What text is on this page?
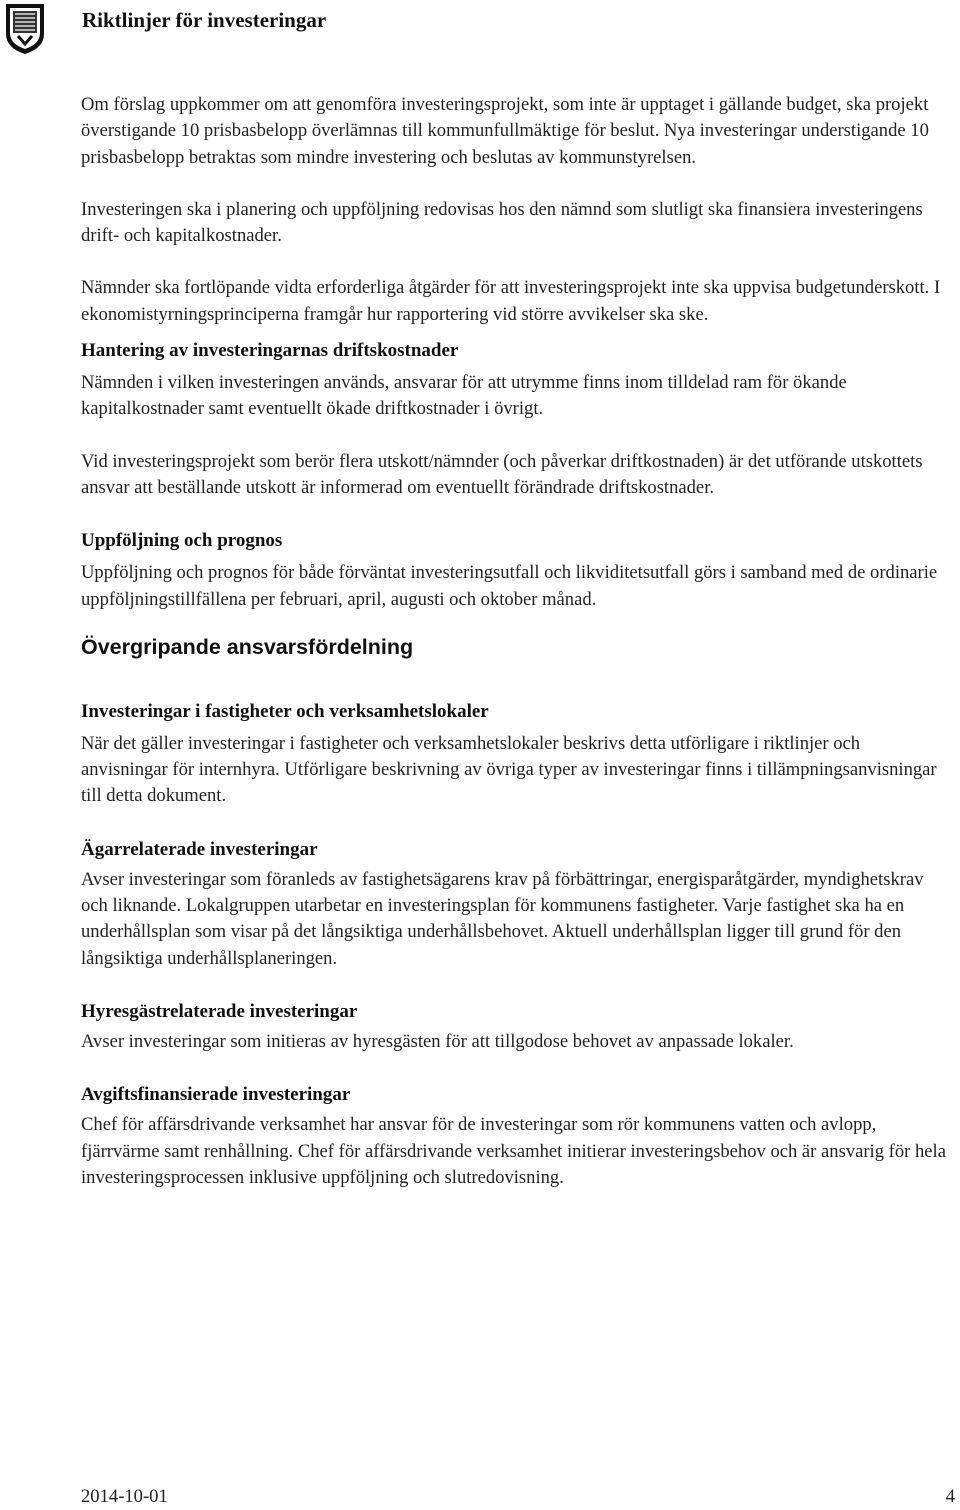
Riktlinjer för investeringar

Om förslag uppkommer om att genomföra investeringsprojekt, som inte är upptaget i gällande budget, ska projekt överstigande 10 prisbasbelopp överlämnas till kommunfullmäktige för beslut. Nya investeringar understigande 10 prisbasbelopp betraktas som mindre investering och beslutas av kommunstyrelsen.

Investeringen ska i planering och uppföljning redovisas hos den nämnd som slutligt ska finansiera investeringens drift- och kapitalkostnader.

Nämnder ska fortlöpande vidta erforderliga åtgärder för att investeringsprojekt inte ska uppvisa budgetunderskott. I ekonomistyrningsprinciperna framgår hur rapportering vid större avvikelser ska ske.

Hantering av investeringarnas driftskostnader

Nämnden i vilken investeringen används, ansvarar för att utrymme finns inom tilldelad ram för ökande kapitalkostnader samt eventuellt ökade driftkostnader i övrigt.

Vid investeringsprojekt som berör flera utskott/nämnder (och påverkar driftkostnaden) är det utförande utskottets ansvar att beställande utskott är informerad om eventuellt förändrade driftskostnader.

Uppföljning och prognos

Uppföljning och prognos för både förväntat investeringsutfall och likviditetsutfall görs i samband med de ordinarie uppföljningstillfällena per februari, april, augusti och oktober månad.

Övergripande ansvarsfördelning
Investeringar i fastigheter och verksamhetslokaler

När det gäller investeringar i fastigheter och verksamhetslokaler beskrivs detta utförligare i riktlinjer och anvisningar för internhyra. Utförligare beskrivning av övriga typer av investeringar finns i tillämpningsanvisningar till detta dokument.

Ägarrelaterade investeringar

Avser investeringar som föranleds av fastighetsägarens krav på förbättringar, energisparåtgärder, myndighetskrav och liknande. Lokalgruppen utarbetar en investeringsplan för kommunens fastigheter. Varje fastighet ska ha en underhållsplan som visar på det långsiktiga underhållsbehovet. Aktuell underhållsplan ligger till grund för den långsiktiga underhållsplaneringen.

Hyresgästrelaterade investeringar

Avser investeringar som initieras av hyresgästen för att tillgodose behovet av anpassade lokaler.

Avgiftsfinansierade investeringar

Chef för affärsdrivande verksamhet har ansvar för de investeringar som rör kommunens vatten och avlopp, fjärrvärme samt renhållning. Chef för affärsdrivande verksamhet initierar investeringsbehov och är ansvarig för hela investeringsprocessen inklusive uppföljning och slutredovisning.

2014-10-01	4
